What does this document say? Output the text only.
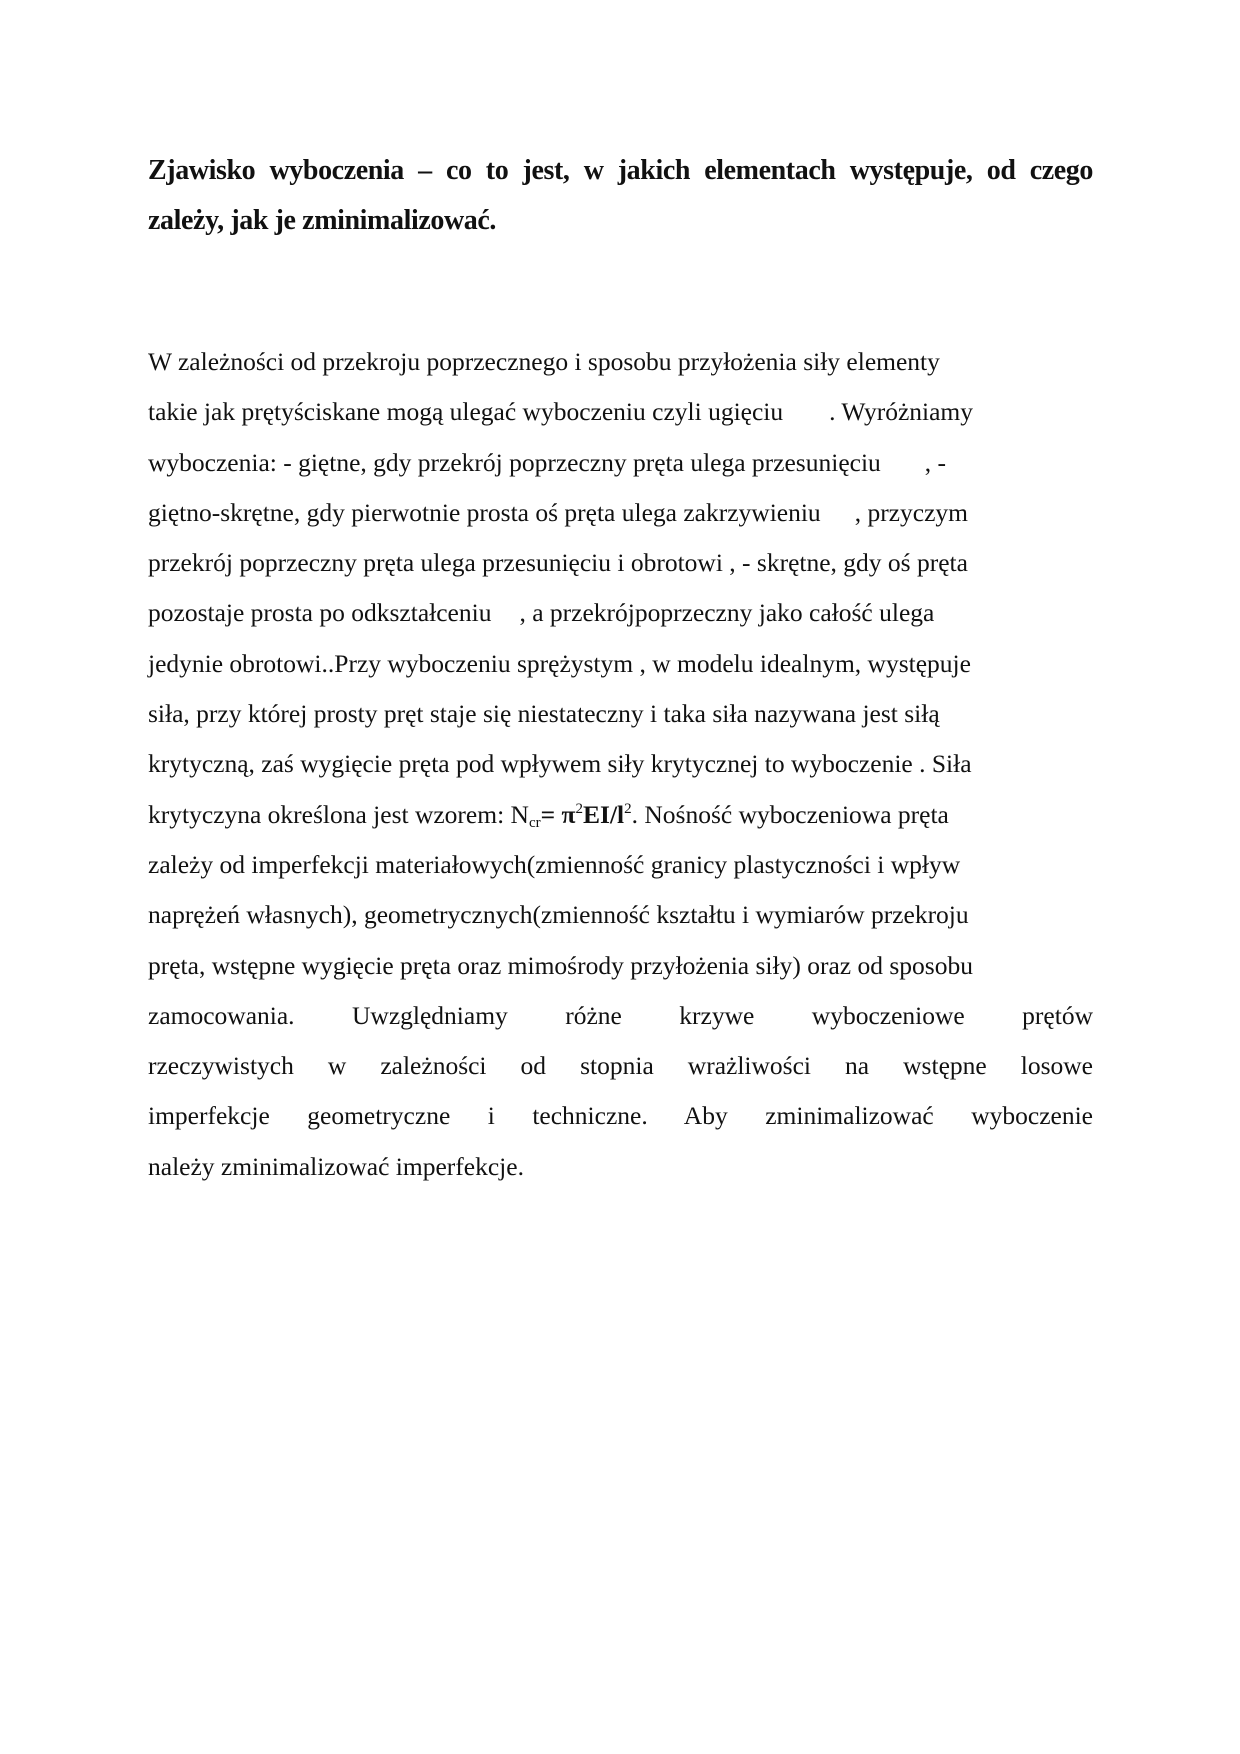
Zjawisko wyboczenia – co to jest, w jakich elementach występuje, od czego
zależy, jak je zminimalizować.
W zależności od przekroju poprzecznego i sposobu przyłożenia siły elementy
takie jak prętyściskane mogą ulegać wyboczeniu czyli ugięciu . Wyróżniamy
wyboczenia: - giętne, gdy przekrój poprzeczny pręta ulega przesunięciu , -
giętno-skrętne, gdy pierwotnie prosta oś pręta ulega zakrzywieniu , przyczym
przekrój poprzeczny pręta ulega przesunięciu i obrotowi , - skrętne, gdy oś pręta
pozostaje prosta po odkształceniu , a przekrójpoprzeczny jako całość ulega
jedynie obrotowi..Przy wyboczeniu sprężystym , w modelu idealnym, występuje
siła, przy której prosty pręt staje się niestateczny i taka siła nazywana jest siłą
krytyczną, zaś wygięcie pręta pod wpływem siły krytycznej to wyboczenie . Siła
krytyczyna określona jest wzorem: $N_{cr}= \pi^2EI/l^2$. Nośność wyboczeniowa pręta
zależy od imperfekcji materiałowych(zmienność granicy plastyczności i wpływ
naprężeń własnych), geometrycznych(zmienność kształtu i wymiarów przekroju
pręta, wstępne wygięcie pręta oraz mimośrody przyłożenia siły) oraz od sposobu
zamocowania. Uwzględniamy różne krzywe wyboczeniowe prętów
rzeczywistych w zależności od stopnia wrażliwości na wstępne losowe
imperfekcje geometryczne i techniczne. Aby zminimalizować wyboczenie
należy zminimalizować imperfekcje.
